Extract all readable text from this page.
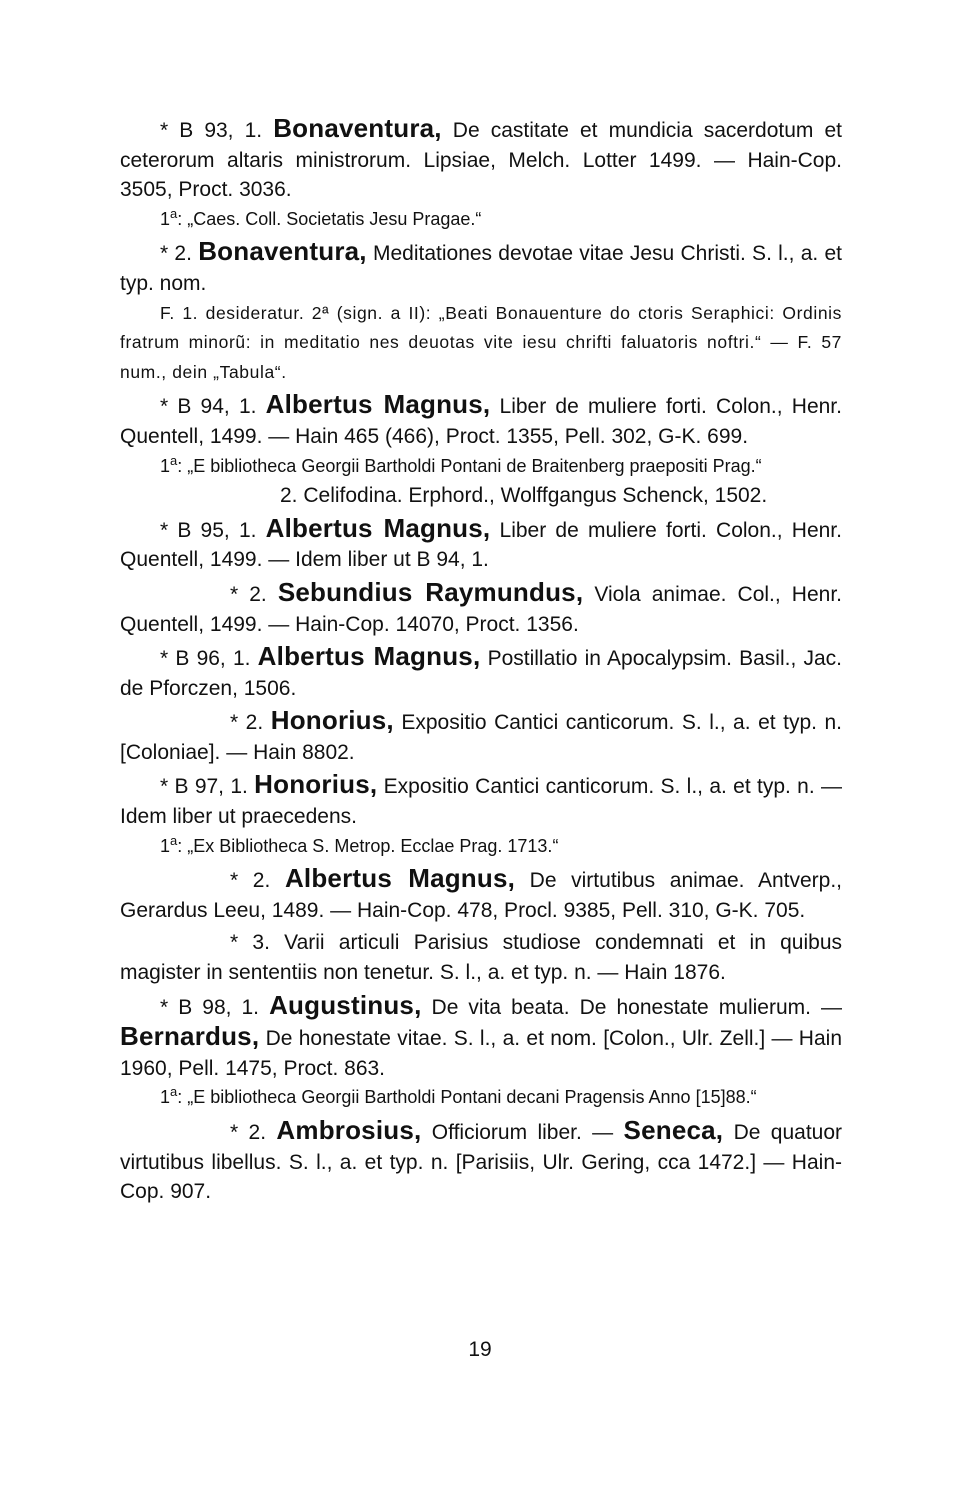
* B 93, 1. Bonaventura, De castitate et mundicia sacerdotum et ceterorum altaris ministrorum. Lipsiae, Melch. Lotter 1499. — Hain-Cop. 3505, Proct. 3036.

1$^a$: „Caes. Coll. Societatis Jesu Pragae.“

* 2. Bonaventura, Meditationes devotae vitae Jesu Christi. S. l., a. et typ. nom.

F. 1. desideratur. 2ª (sign. a II): „Beati Bonauenture do ctoris Seraphici: Ordinis fratrum minorũ: in meditatio nes deuotas vite iesu chrifti faluatoris noftri.“ — F. 57 num., dein „Tabula“.

* B 94, 1. Albertus Magnus, Liber de muliere forti. Colon., Henr. Quentell, 1499. — Hain 465 (466), Proct. 1355, Pell. 302, G-K. 699.

1$^a$: „E bibliotheca Georgii Bartholdi Pontani de Braitenberg praepositi Prag.“

2. Celifodina. Erphord., Wolffgangus Schenck, 1502.

* B 95, 1. Albertus Magnus, Liber de muliere forti. Colon., Henr. Quentell, 1499. — Idem liber ut B 94, 1.

* 2. Sebundius Raymundus, Viola animae. Col., Henr. Quentell, 1499. — Hain-Cop. 14070, Proct. 1356.

* B 96, 1. Albertus Magnus, Postillatio in Apocalypsim. Basil., Jac. de Pforczen, 1506.

* 2. Honorius, Expositio Cantici canticorum. S. l., a. et typ. n. [Coloniae]. — Hain 8802.

* B 97, 1. Honorius, Expositio Cantici canticorum. S. l., a. et typ. n. — Idem liber ut praecedens.

1$^a$: „Ex Bibliotheca S. Metrop. Ecclae Prag. 1713.“

* 2. Albertus Magnus, De virtutibus animae. Antverp., Gerardus Leeu, 1489. — Hain-Cop. 478, Procl. 9385, Pell. 310, G-K. 705.

* 3. Varii articuli Parisius studiose condemnati et in quibus magister in sententiis non tenetur. S. l., a. et typ. n. — Hain 1876.

* B 98, 1. Augustinus, De vita beata. De honestate mulierum. — Bernardus, De honestate vitae. S. l., a. et nom. [Colon., Ulr. Zell.] — Hain 1960, Pell. 1475, Proct. 863.

1$^a$: „E bibliotheca Georgii Bartholdi Pontani decani Pragensis Anno [15]88.“

* 2. Ambrosius, Officiorum liber. — Seneca, De quatuor virtutibus libellus. S. l., a. et typ. n. [Parisiis, Ulr. Gering, cca 1472.] — Hain-Cop. 907.

19
